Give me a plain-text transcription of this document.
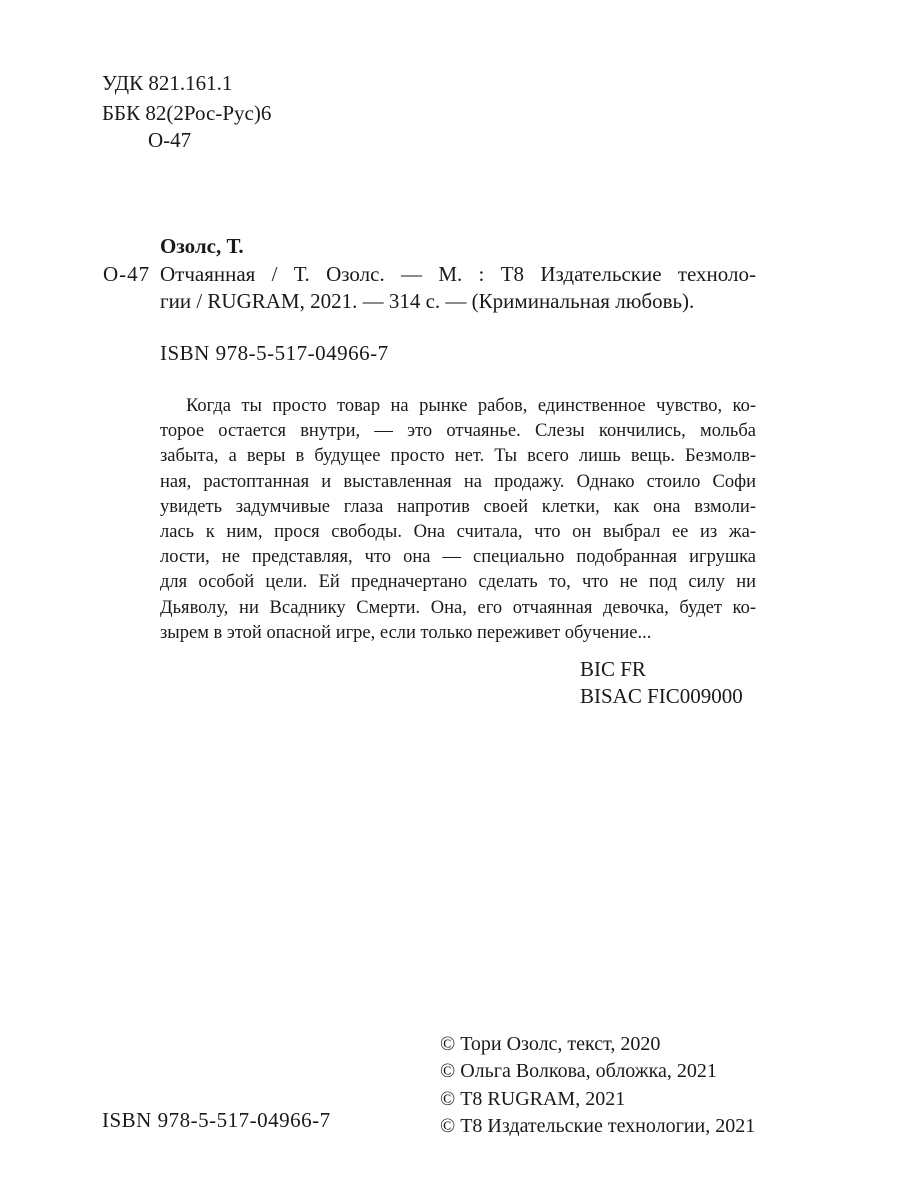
УДК 821.161.1
ББК 82(2Рос-Рус)6
О-47
Озолс, Т.
О-47 Отчаянная / Т. Озолс. — М. : Т8 Издательские техноло-
гии / RUGRAM, 2021. — 314 с. — (Криминальная любовь).
ISBN 978-5-517-04966-7
Когда ты просто товар на рынке рабов, единственное чувство, ко-
торое остается внутри, — это отчаянье. Слезы кончились, мольба
забыта, а веры в будущее просто нет. Ты всего лишь вещь. Безмолв-
ная, растоптанная и выставленная на продажу. Однако стоило Софи
увидеть задумчивые глаза напротив своей клетки, как она взмоли-
лась к ним, прося свободы. Она считала, что он выбрал ее из жа-
лости, не представляя, что она — специально подобранная игрушка
для особой цели. Ей предначертано сделать то, что не под силу ни
Дьяволу, ни Всаднику Смерти. Она, его отчаянная девочка, будет ко-
зырем в этой опасной игре, если только переживет обучение...
BIC FR
BISAC FIC009000
© Тори Озолс, текст, 2020
© Ольга Волкова, обложка, 2021
© Т8 RUGRAM, 2021
© Т8 Издательские технологии, 2021
ISBN 978-5-517-04966-7
